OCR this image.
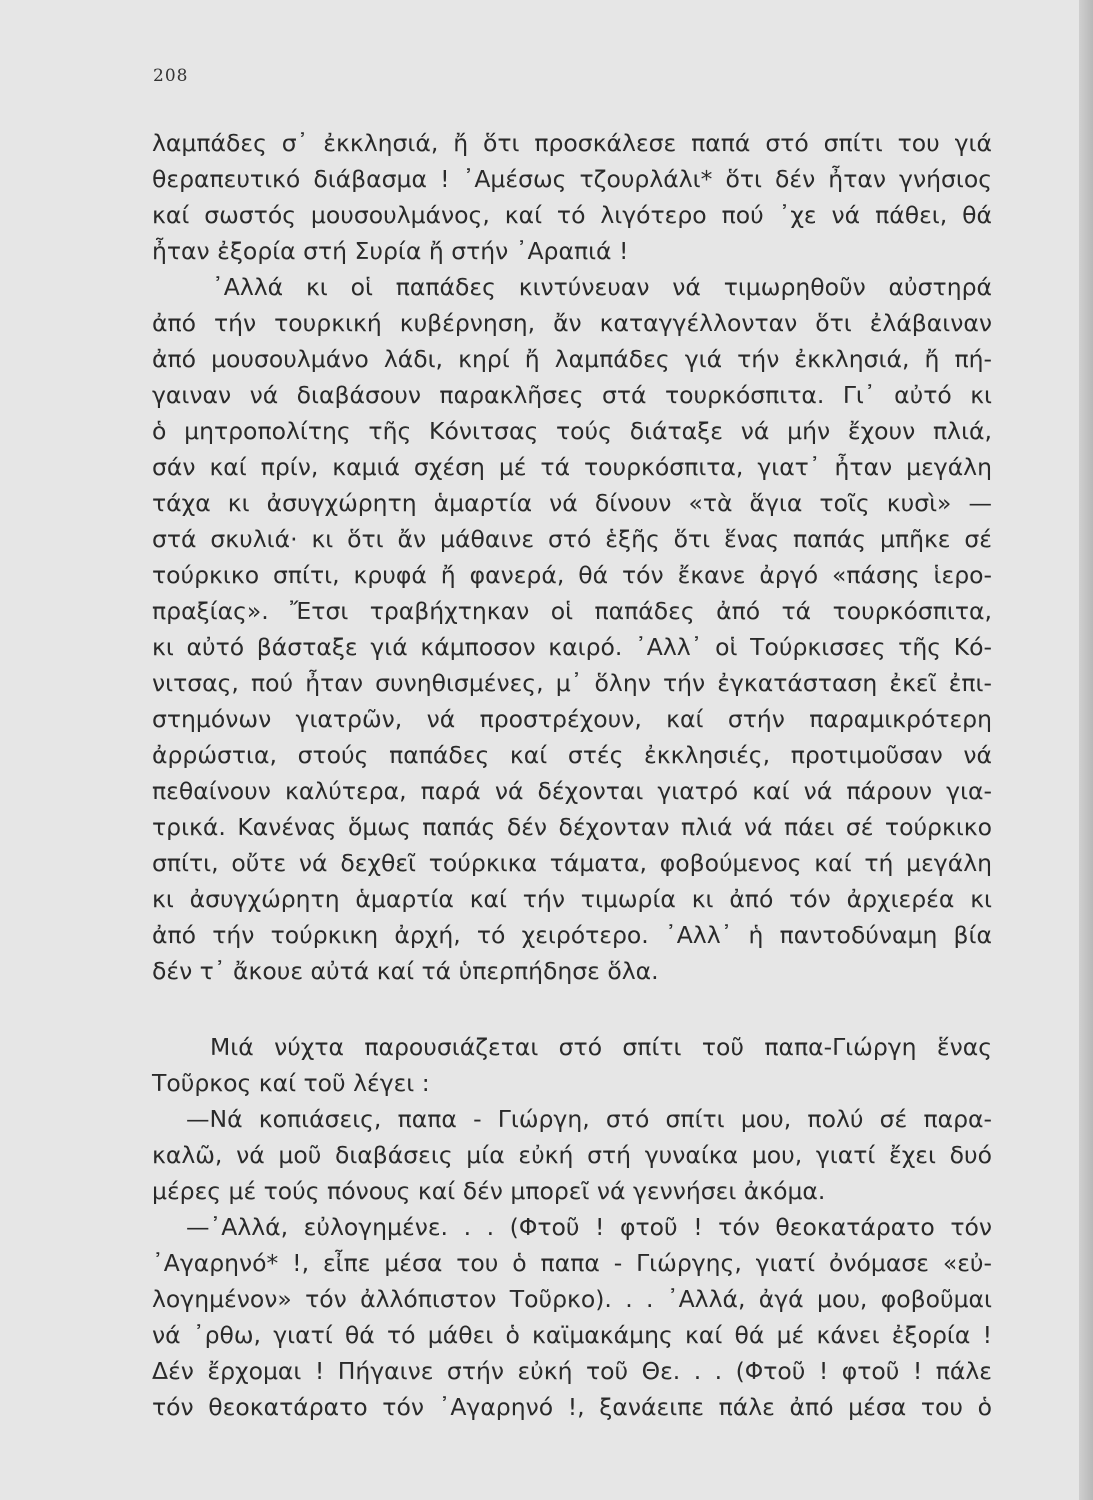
208
λαμπάδες σ᾽ ἐκκλησιά, ἤ ὅτι προσκάλεσε παπά στό σπίτι του γιά
θεραπευτικό διάβασμα ! ᾿Αμέσως τζουρλάλι* ὅτι δέν ἦταν γνήσιος
καί σωστός μουσουλμάνος, καί τό λιγότερο πού ᾿χε νά πάθει, θά
ἦταν ἐξορία στή Συρία ἤ στήν ᾿Αραπιά !
᾿Αλλά κι οἱ παπάδες κιντύνευαν νά τιμωρηθοῦν αὐστηρά
ἀπό τήν τουρκική κυβέρνηση, ἄν καταγγέλλονταν ὅτι ἐλάβαιναν
ἀπό μουσουλμάνο λάδι, κηρί ἤ λαμπάδες γιά τήν ἐκκλησιά, ἤ πή-
γαιναν νά διαβάσουν παρακλῆσες στά τουρκόσπιτα. Γι᾽ αὐτό κι
ὁ μητροπολίτης τῆς Κόνιτσας τούς διάταξε νά μήν ἔχουν πλιά,
σάν καί πρίν, καμιά σχέση μέ τά τουρκόσπιτα, γιατ᾽ ἦταν μεγάλη
τάχα κι ἀσυγχώρητη ἁμαρτία νά δίνουν «τὰ ἅγια τοῖς κυσὶ» —
στά σκυλιά· κι ὅτι ἄν μάθαινε στό ἑξῆς ὅτι ἕνας παπάς μπῆκε σέ
τούρκικο σπίτι, κρυφά ἤ φανερά, θά τόν ἔκανε ἀργό «πάσης ἱερο-
πραξίας». Ἔτσι τραβήχτηκαν οἱ παπάδες ἀπό τά τουρκόσπιτα,
κι αὐτό βάσταξε γιά κάμποσον καιρό. ᾿Αλλ᾽ οἱ Τούρκισσες τῆς Κό-
νιτσας, πού ἦταν συνηθισμένες, μ᾽ ὅλην τήν ἐγκατάσταση ἐκεῖ ἐπι-
στημόνων γιατρῶν, νά προστρέχουν, καί στήν παραμικρότερη
ἀρρώστια, στούς παπάδες καί στές ἐκκλησιές, προτιμοῦσαν νά
πεθαίνουν καλύτερα, παρά νά δέχονται γιατρό καί νά πάρουν για-
τρικά. Κανένας ὅμως παπάς δέν δέχονταν πλιά νά πάει σέ τούρκικο
σπίτι, οὔτε νά δεχθεῖ τούρκικα τάματα, φοβούμενος καί τή μεγάλη
κι ἀσυγχώρητη ἁμαρτία καί τήν τιμωρία κι ἀπό τόν ἀρχιερέα κι
ἀπό τήν τούρκικη ἀρχή, τό χειρότερο. ᾿Αλλ᾽ ἡ παντοδύναμη βία
δέν τ᾽ ἄκουε αὐτά καί τά ὑπερπήδησε ὅλα.
Μιά νύχτα παρουσιάζεται στό σπίτι τοῦ παπα-Γιώργη ἕνας
Τοῦρκος καί τοῦ λέγει :
—Νά κοπιάσεις, παπα - Γιώργη, στό σπίτι μου, πολύ σέ παρα-
καλῶ, νά μοῦ διαβάσεις μία εὐκή στή γυναίκα μου, γιατί ἔχει δυό
μέρες μέ τούς πόνους καί δέν μπορεῖ νά γεννήσει ἀκόμα.
—᾿Αλλά, εὐλογημένε. . . (Φτοῦ ! φτοῦ ! τόν θεοκατάρατο τόν
᾿Αγαρηνό* !, εἶπε μέσα του ὁ παπα - Γιώργης, γιατί ὀνόμασε «εὐ-
λογημένον» τόν ἀλλόπιστον Τοῦρκο). . . ᾿Αλλά, ἀγά μου, φοβοῦμαι
νά ᾿ρθω, γιατί θά τό μάθει ὁ καϊμακάμης καί θά μέ κάνει ἐξορία !
Δέν ἔρχομαι ! Πήγαινε στήν εὐκή τοῦ Θε. . . (Φτοῦ ! φτοῦ ! πάλε
τόν θεοκατάρατο τόν ᾿Αγαρηνό !, ξανάειπε πάλε ἀπό μέσα του ὁ
